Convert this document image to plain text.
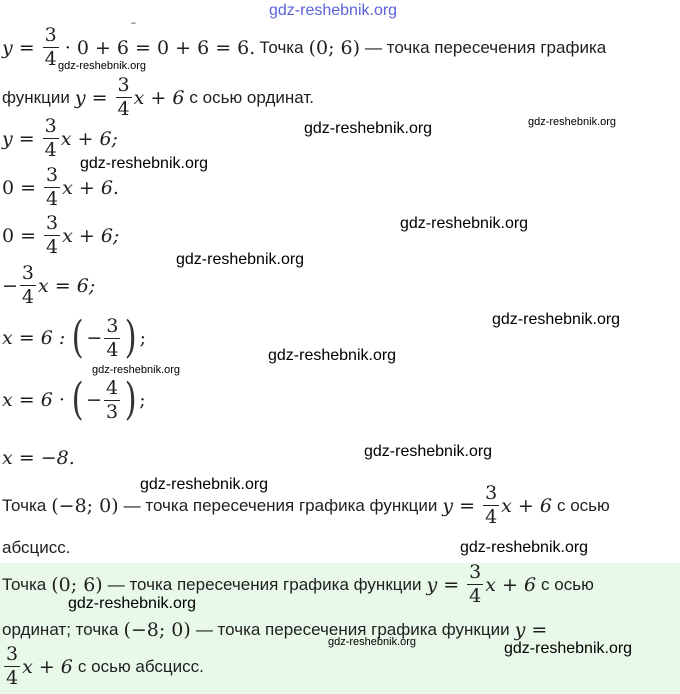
gdz-reshebnik.org
$y = \frac{3}{4} \cdot 0 + 6 = 0 + 6 = 6$. Точка (0; 6) — точка пересечения графика
функции $y = \frac{3}{4}$ x + 6 с осью ординат.
$y = \frac{3}{4}$ x + 6;
$0 = \frac{3}{4}$ x + 6.
$0 = \frac{3}{4}$ x + 6;
− $\frac{3}{4}$ x = 6;
x = 6 : ( − $\frac{3}{4}$ ) ;
x = 6 · ( − $\frac{4}{3}$ ) ;
x = −8.
Точка (−8; 0) — точка пересечения графика функции $y = \frac{3}{4}$ x + 6 с осью
абсцисс.
Точка (0; 6) — точка пересечения графика функции $y = \frac{3}{4}$ x + 6 с осью
ординат; точка (−8; 0) — точка пересечения графика функции y =
$\frac{3}{4}$ x + 6 с осью абсцисс.
gdz-reshebnik.org
gdz-reshebnik.org	gdz-reshebnik.org
gdz-reshebnik.org
gdz-reshebnik.org
gdz-reshebnik.org
gdz-reshebnik.org
gdz-reshebnik.org
gdz-reshebnik.org
gdz-reshebnik.org
gdz-reshebnik.org
gdz-reshebnik.org
gdz-reshebnik.org
gdz-reshebnik.org	gdz-reshebnik.org
